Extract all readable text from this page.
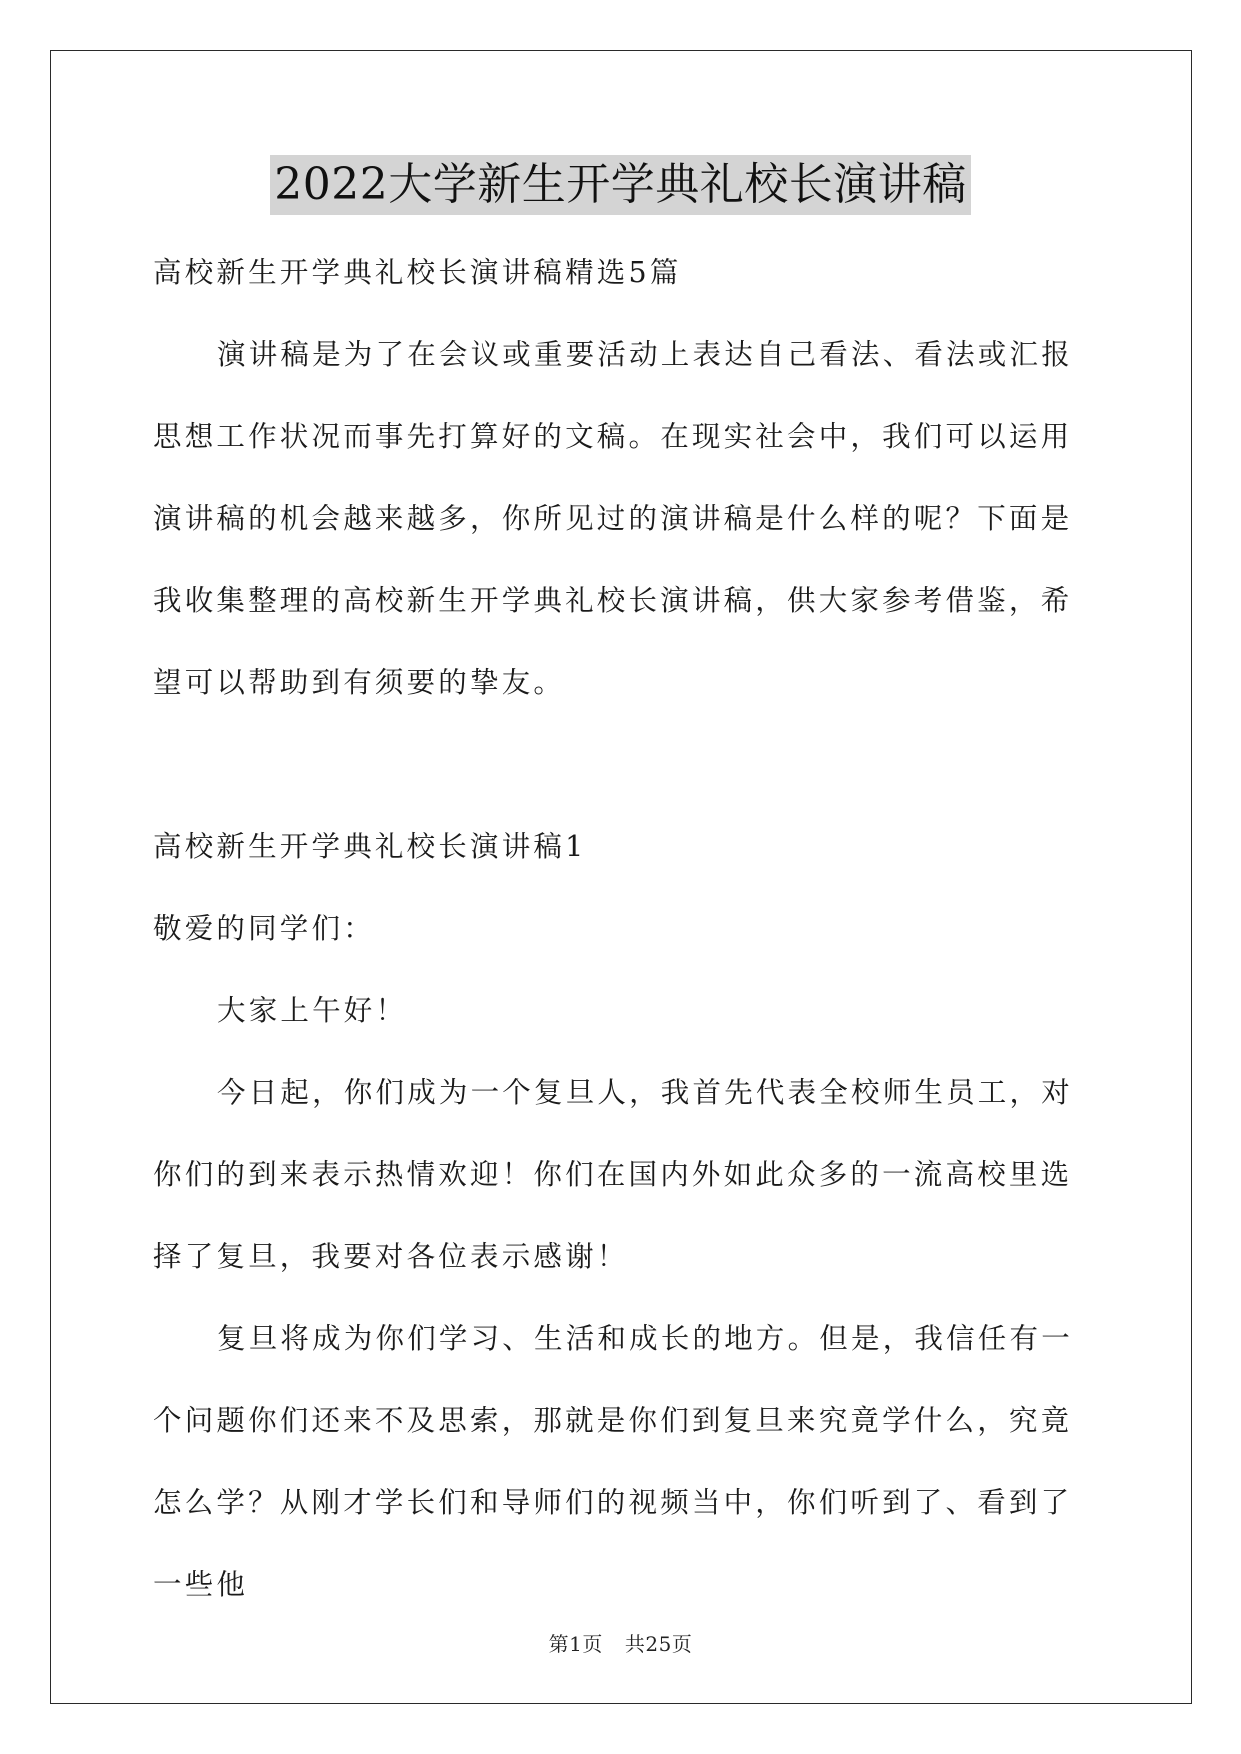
2022大学新生开学典礼校长演讲稿

高校新生开学典礼校长演讲稿精选5篇

演讲稿是为了在会议或重要活动上表达自己看法、看法或汇报思想工作状况而事先打算好的文稿。在现实社会中，我们可以运用演讲稿的机会越来越多，你所见过的演讲稿是什么样的呢？下面是我收集整理的高校新生开学典礼校长演讲稿，供大家参考借鉴，希望可以帮助到有须要的挚友。

高校新生开学典礼校长演讲稿1

敬爱的同学们：

大家上午好！

今日起，你们成为一个复旦人，我首先代表全校师生员工，对你们的到来表示热情欢迎！你们在国内外如此众多的一流高校里选择了复旦，我要对各位表示感谢！

复旦将成为你们学习、生活和成长的地方。但是，我信任有一个问题你们还来不及思索，那就是你们到复旦来究竟学什么，究竟怎么学？从刚才学长们和导师们的视频当中，你们听到了、看到了一些他

第1页 共25页
